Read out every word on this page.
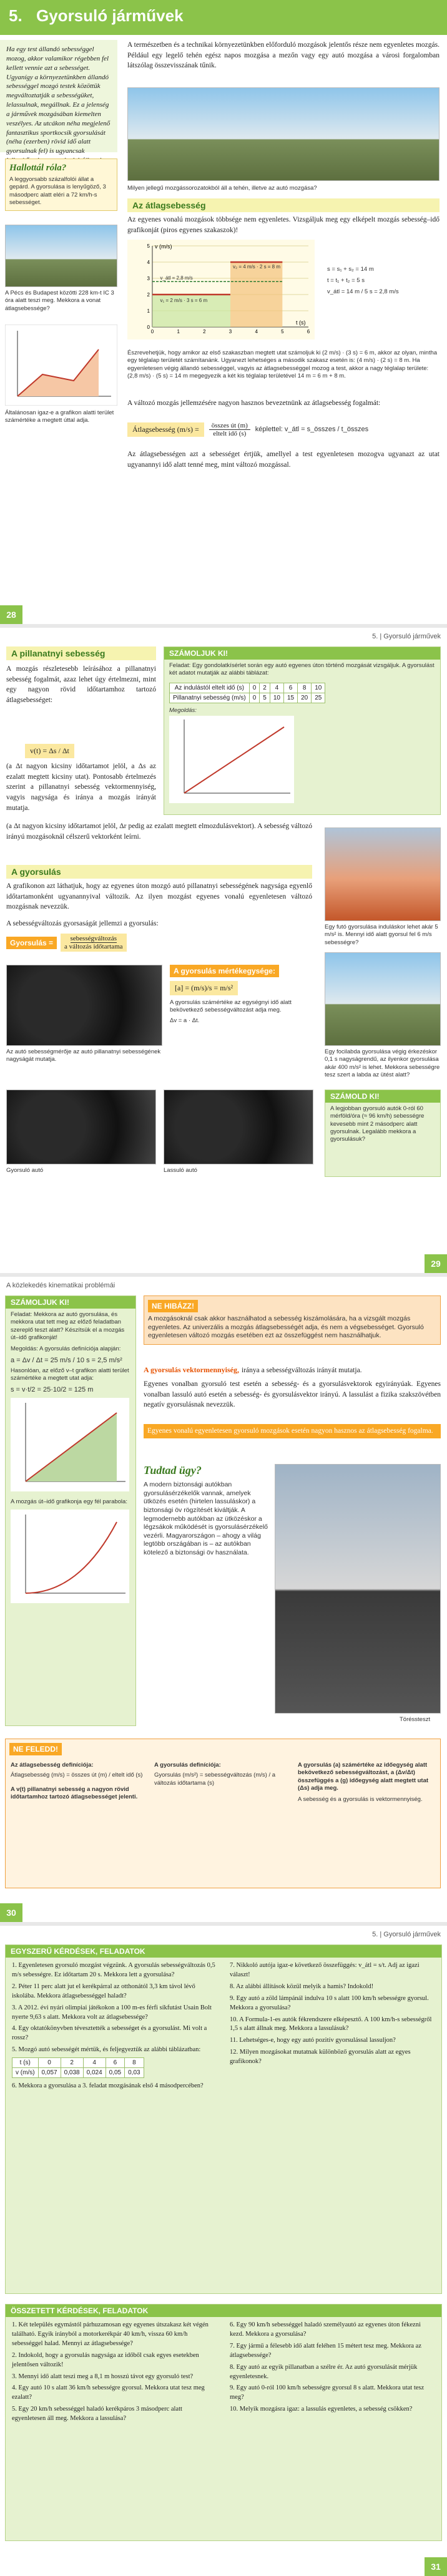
5. Gyorsuló járművek
Ha egy test állandó sebességgel mozog, akkor valamikor régebben fel kellett vennie azt a sebességet. Ugyanígy a környezetünkben állandó sebességgel mozgó testek közöttük megváltoztatják a sebességüket, lelassulnak, megállnak. Ez a jelenség a járművek mozgásában kiemelten veszélyes. Az utcákon néha megjelenő fantasztikus sportkocsik gyorsulását (néha (ezerben) rövid idő alatt gyorsulnak fel) is ugyancsak
Hallottál róla?
A leggyorsabb százalfolói állat a gepárd. A gyorsulása is lenyűgöző, 3 másodperc alatt eléri a 72 km/h-s sebességet.
A Pécs és Budapest közötti 228 km-t IC 3 óra alatt teszi meg. Mekkora a vonat átlagsebessége?
Általánosan igaz-e a grafikon alatti terület számértéke a megtett úttal adja.
A természetben és a technikai környezetünkben előforduló mozgások jelentős része nem egyenletes mozgás. Például egy legelő tehén egész napos mozgása a mezőn vagy egy autó mozgása a városi forgalomban látszólag összevisszának tűnik.
Milyen jellegű mozgássorozatokból áll a tehén, illetve az autó mozgása?
Az átlagsebesség
Az egyenes vonalú mozgások többsége nem egyenletes. Vizsgáljuk meg egy elképelt mozgás sebesség–idő grafikonját (piros egyenes szakaszok)!
0	1	2	3	4	5	6
0
1
2
3
4
5 v (m/s)
t (s)
v₂ = 4 m/s · 2 s = 8 m
v_átl = 2,8 m/s
v₁ = 2 m/s · 3 s = 6 m
s = s₁ + s₂ = 14 m
t = t₁ + t₂ = 5 s
v_átl = 14 m / 5 s = 2,8 m/s
Észrevehetjük, hogy amikor az első szakaszban megtett utat számoljuk ki (2 m/s) · (3 s) = 6 m, akkor az olyan, mintha egy téglalap területét számítanánk. Ugyanezt lehetséges a második szakasz esetén is: (4 m/s) · (2 s) = 8 m. Ha egyenletesen végig állandó sebességgel, vagyis az átlagsebességgel mozog a test, akkor a nagy téglalap területe: (2,8 m/s) · (5 s) = 14 m megegyezik a két kis téglalap területével 14 m = 6 m + 8 m.
A változó mozgás jellemzésére nagyon hasznos bevezetnünk az átlagsebesség fogalmát:
Átlagsebesség (m/s) =	összes út (m)
eltelt idő (s)
képlettel: v_átl = s_összes / t_összes
Az átlagsebességen azt a sebességet értjük, amellyel a test egyenletesen mozogva ugyanazt az utat ugyanannyi idő alatt tenné meg, mint változó mozgással.
28
5. | Gyorsuló járművek
A pillanatnyi sebesség
A mozgás részletesebb leírásához a pillanatnyi sebesség fogalmát, azaz lehet úgy értelmezni, mint egy nagyon rövid időtartamhoz tartozó átlagsebességet:
v(t) = Δs / Δt
(a Δt nagyon kicsiny időtartamot jelöl, a Δs az ezalatt megtett kicsiny utat). Pontosabb értelmezés szerint a pillanatnyi sebesség vektormennyiség, vagyis nagysága és iránya a mozgás irányát mutatja.
(a Δt nagyon kicsiny időtartamot jelöl, Δr pedig az ezalatt megtett elmozdulásvektort). A sebesség változó irányú mozgásoknál célszerű vektorként leírni.
SZÁMOLJUK KI!
Feladat: Egy gondolatkísérlet során egy autó egyenes úton történő mozgását vizsgáljuk. A gyorsulást két adatot mutatják az alábbi táblázat:
Az indulástól eltelt idő (s)	0	2	4	6	8	10
Pillanatnyi sebesség (m/s)	0	5	10	15	20	25
Megoldás:
A gyorsulás
A grafikonon azt láthatjuk, hogy az egyenes úton mozgó autó pillanatnyi sebességének nagysága egyenlő időtartamonként ugyanannyival változik. Az ilyen mozgást egyenes vonalú egyenletesen változó mozgásnak nevezzük.
A sebességváltozás gyorsaságát jellemzi a gyorsulás:
Gyorsulás =	sebességváltozás
a változás időtartama
Egy futó gyorsulása induláskor lehet akár 5 m/s² is. Mennyi idő alatt gyorsul fel 6 m/s sebességre?
Az autó sebességmérője az autó pillanatnyi sebességének nagyságát mutatja.
A gyorsulás mértékegysége: [a] = (m/s)/s = m/s²
A gyorsulás számértéke az egységnyi idő alatt bekövetkező sebességváltozást adja meg.
Δv = a · Δt.
Egy focilabda gyorsulása végig érkezéskor 0,1 s nagyságrendű, az ilyenkor gyorsulása akár 400 m/s² is lehet. Mekkora sebességre tesz szert a labda az ütést alatt?
Gyorsuló autó	Lassuló autó
SZÁMOLD KI!
A legjobban gyorsuló autók 0-ról 60 mérföld/óra (≈ 96 km/h) sebességre kevesebb mint 2 másodperc alatt gyorsulnak. Legalább mekkora a gyorsulásuk?
29
A közlekedés kinematikai problémái
SZÁMOLJUK KI!
Feladat: Mekkora az autó gyorsulása, és mekkora utat tett meg az előző feladatban szereplő teszt alatt? Készítsük el a mozgás út–idő grafikonját!
Megoldás: A gyorsulás definíciója alapján:
a = Δv / Δt = 25 m/s / 10 s = 2,5 m/s²
Hasonlóan, az előző v–t grafikon alatti terület számértéke a megtett utat adja:
s = v·t/2 = 25·10/2 = 125 m
A mozgás út–idő grafikonja egy fél parabola:
NE HIBÁZZ!
A mozgásoknál csak akkor használhatod a sebesség kiszámolására, ha a vizsgált mozgás egyenletes. Az univerzális a mozgás átlagsebességét adja, és nem a végsebességet. Gyorsuló egyenletesen változó mozgás esetében ezt az összefüggést nem használhatjuk.
A gyorsulás vektormennyiség, iránya a sebességváltozás irányát mutatja.
Egyenes vonalban gyorsuló test esetén a sebesség- és a gyorsulásvektorok egyirányúak. Egyenes vonalban lassuló autó esetén a sebesség- és gyorsulásvektor irányú. A lassulást a fizika szakszövétben negatív gyorsulásnak nevezzük.
Egyenes vonalú egyenletesen gyorsuló mozgások esetén nagyon hasznos az átlagsebesség fogalma.
Tudtad ügy?
A modern biztonsági autókban gyorsulásérzékelők vannak, amelyek ütközés esetén (hirtelen lassuláskor) a biztonsági öv rögzítését kiváltják. A legmodernebb autókban az ütközéskor a légzsákok működését is gyorsulásérzékelő vezérli. Magyarországon – ahogy a világ legtöbb országában is – az autókban kötelező a biztonsági öv használata.
Töréssteszt
NE FELEDD!
Az átlagsebesség definíciója:
Átlagsebesség (m/s) = összes út (m) / eltelt idő (s)
A v(t) pillanatnyi sebesség a nagyon rövid időtartamhoz tartozó átlagsebességet jelenti.
A gyorsulás definíciója:
Gyorsulás (m/s²) = sebességváltozás (m/s) / a változás időtartama (s)
A gyorsulás (a) számértéke az időegység alatt bekövetkező sebességváltozást, a (Δv/Δt) összefüggés a (g) időegység alatt megtett utat (Δs) adja meg.
A sebesség és a gyorsulás is vektormennyiség.
30
5. | Gyorsuló járművek
EGYSZERŰ KÉRDÉSEK, FELADATOK
1. Egyenletesen gyorsuló mozgást végzünk. A gyorsulás sebességváltozás 0,5 m/s sebességre. Ez időtartam 20 s. Mekkora lett a gyorsulása?
2. Péter 11 perc alatt jut el kerékpárral az otthonától 3,3 km távol lévő iskolába. Mekkora átlagsebességgel haladt?
3. A 2012. évi nyári olimpiai játékokon a 100 m-es férfi síkfutást Usain Bolt nyerte 9,63 s alatt. Mekkora volt az átlagsebessége?
4. Egy oktatókönyvben tévesztették a sebességet és a gyorsulást. Mi volt a rossz?
5. Mozgó autó sebességét mértük, és feljegyeztük az alábbi táblázatban:
t (s)	0	2	4	6	8
v (m/s)	0,057	0,038	0,024	0,05	0,03
6. Mekkora a gyorsulása a 3. feladat mozgásának első 4 másodpercében?
7. Nikkoló autója igaz-e következő összefüggés: v_átl = s/t. Adj az igazi választ!
8. Az alábbi állítások közül melyik a hamis? Indokold!
9. Egy autó a zöld lámpánál indulva 10 s alatt 100 km/h sebességre gyorsul. Mekkora a gyorsulása?
10. A Formula-1-es autók fékrendszere elképesztő. A 100 km/h-s sebességről 1,5 s alatt állnak meg. Mekkora a lassulásuk?
11. Lehetséges-e, hogy egy autó pozitív gyorsulással lassuljon?
12. Milyen mozgásokat mutatnak különböző gyorsulás alatt az egyes grafikonok?
ÖSSZETETT KÉRDÉSEK, FELADATOK
1. Két település egymástól párhuzamosan egy egyenes útszakasz két végén található. Egyik irányból a motorkerékpár 40 km/h, vissza 60 km/h sebességgel halad. Mennyi az átlagsebessége?
2. Indokold, hogy a gyorsulás nagysága az időből csak egyes esetekben jelentősen változik!
3. Mennyi idő alatt teszi meg a 8,1 m hosszú távot egy gyorsuló test?
4. Egy autó 10 s alatt 36 km/h sebességre gyorsul. Mekkora utat tesz meg ezalatt?
5. Egy 20 km/h sebességgel haladó kerékpáros 3 másodperc alatt egyenletesen áll meg. Mekkora a lassulása?
6. Egy 90 km/h sebességgel haladó személyautó az egyenes úton fékezni kezd. Mekkora a gyorsulása?
7. Egy jármű a félesebb idő alatt feléhen 15 métert tesz meg. Mekkora az átlagsebessége?
8. Egy autó az egyik pillanatban a szélre ér. Az autó gyorsulását mérjük egyenletesnek.
9. Egy autó 0-ról 100 km/h sebességre gyorsul 8 s alatt. Mekkora utat tesz meg?
10. Melyik mozgásra igaz: a lassulás egyenletes, a sebesség csökken?
31
